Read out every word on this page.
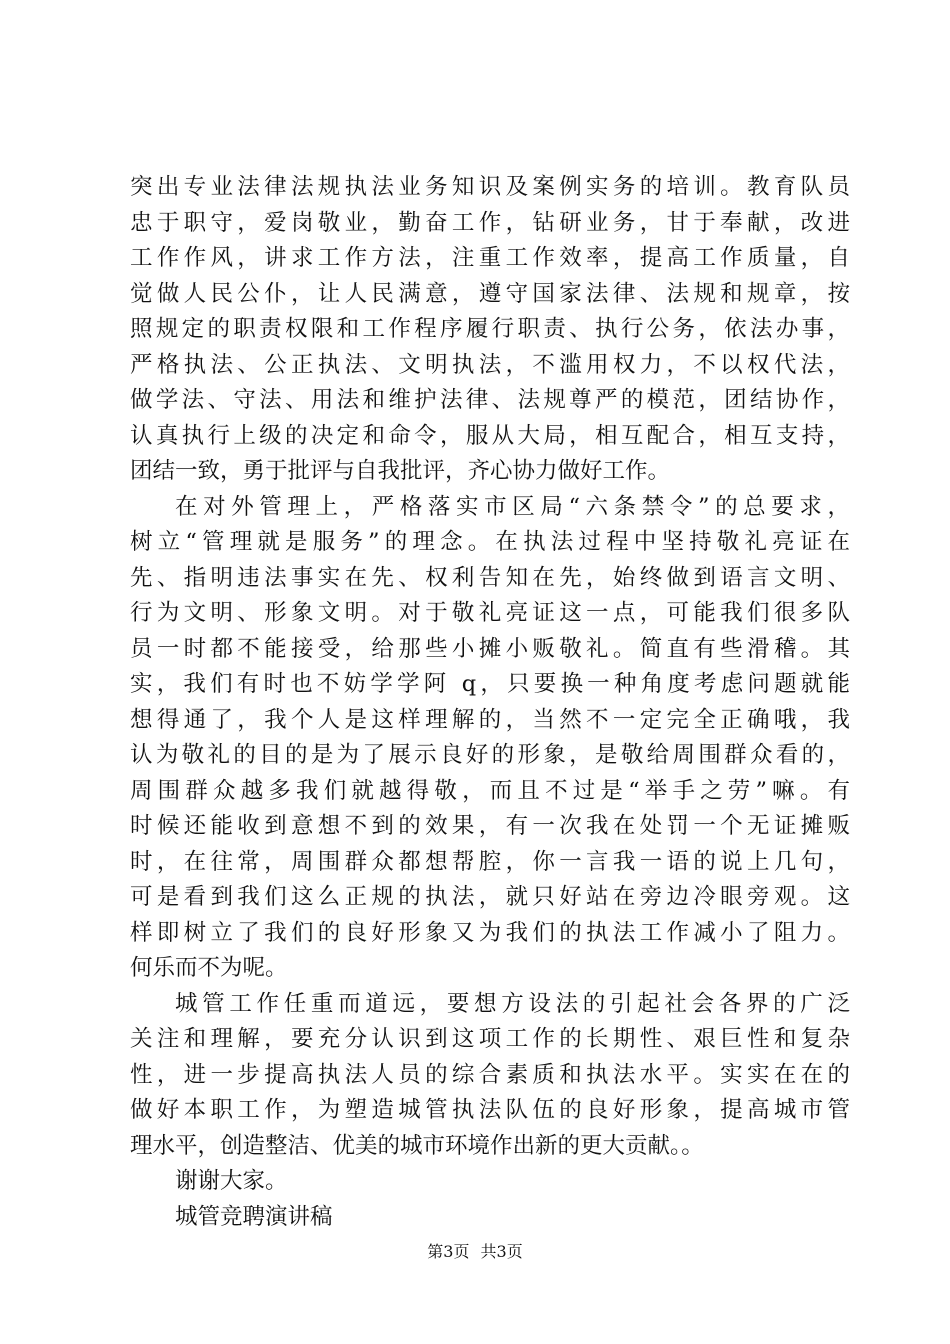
突出专业法律法规执法业务知识及案例实务的培训。教育队员
忠于职守，爱岗敬业，勤奋工作，钻研业务，甘于奉献，改进
工作作风，讲求工作方法，注重工作效率，提高工作质量，自
觉做人民公仆，让人民满意，遵守国家法律、法规和规章，按
照规定的职责权限和工作程序履行职责、执行公务，依法办事，
严格执法、公正执法、文明执法，不滥用权力，不以权代法，
做学法、守法、用法和维护法律、法规尊严的模范，团结协作，
认真执行上级的决定和命令，服从大局，相互配合，相互支持，
团结一致，勇于批评与自我批评，齐心协力做好工作。
在对外管理上，严格落实市区局“六条禁令”的总要求，
树立“管理就是服务”的理念。在执法过程中坚持敬礼亮证在
先、指明违法事实在先、权利告知在先，始终做到语言文明、
行为文明、形象文明。对于敬礼亮证这一点，可能我们很多队
员一时都不能接受，给那些小摊小贩敬礼。简直有些滑稽。其
实，我们有时也不妨学学阿 q，只要换一种角度考虑问题就能
想得通了，我个人是这样理解的，当然不一定完全正确哦，我
认为敬礼的目的是为了展示良好的形象，是敬给周围群众看的，
周围群众越多我们就越得敬，而且不过是“举手之劳”嘛。有
时候还能收到意想不到的效果，有一次我在处罚一个无证摊贩
时，在往常，周围群众都想帮腔，你一言我一语的说上几句，
可是看到我们这么正规的执法，就只好站在旁边冷眼旁观。这
样即树立了我们的良好形象又为我们的执法工作减小了阻力。
何乐而不为呢。
城管工作任重而道远，要想方设法的引起社会各界的广泛
关注和理解，要充分认识到这项工作的长期性、艰巨性和复杂
性，进一步提高执法人员的综合素质和执法水平。实实在在的
做好本职工作，为塑造城管执法队伍的良好形象，提高城市管
理水平，创造整洁、优美的城市环境作出新的更大贡献。。
谢谢大家。
城管竞聘演讲稿
第3页 共3页
